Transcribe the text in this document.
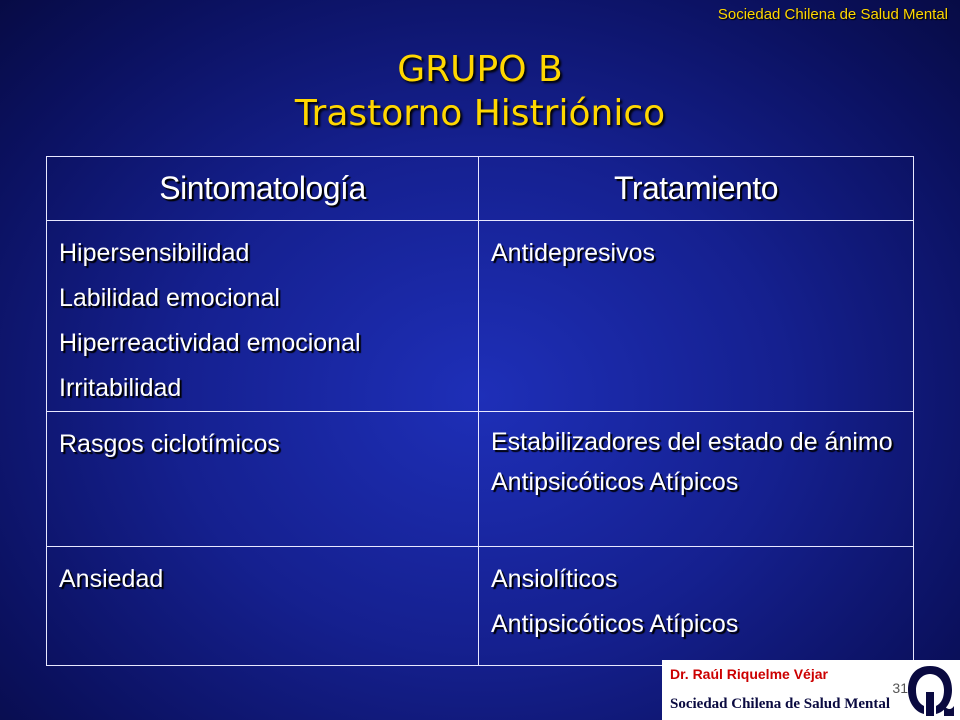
Sociedad Chilena de Salud Mental
GRUPO B
Trastorno Histriónico
Sintomatología	Tratamiento

Hipersensibilidad
Labilidad emocional
Hiperreactividad emocional
Irritabilidad	Antidepresivos

Rasgos ciclotímicos	Estabilizadores del estado de ánimo
Antipsicóticos Atípicos

Ansiedad	Ansiolíticos
Antipsicóticos Atípicos
Dr. Raúl Riquelme Véjar
Sociedad Chilena de Salud Mental
31
